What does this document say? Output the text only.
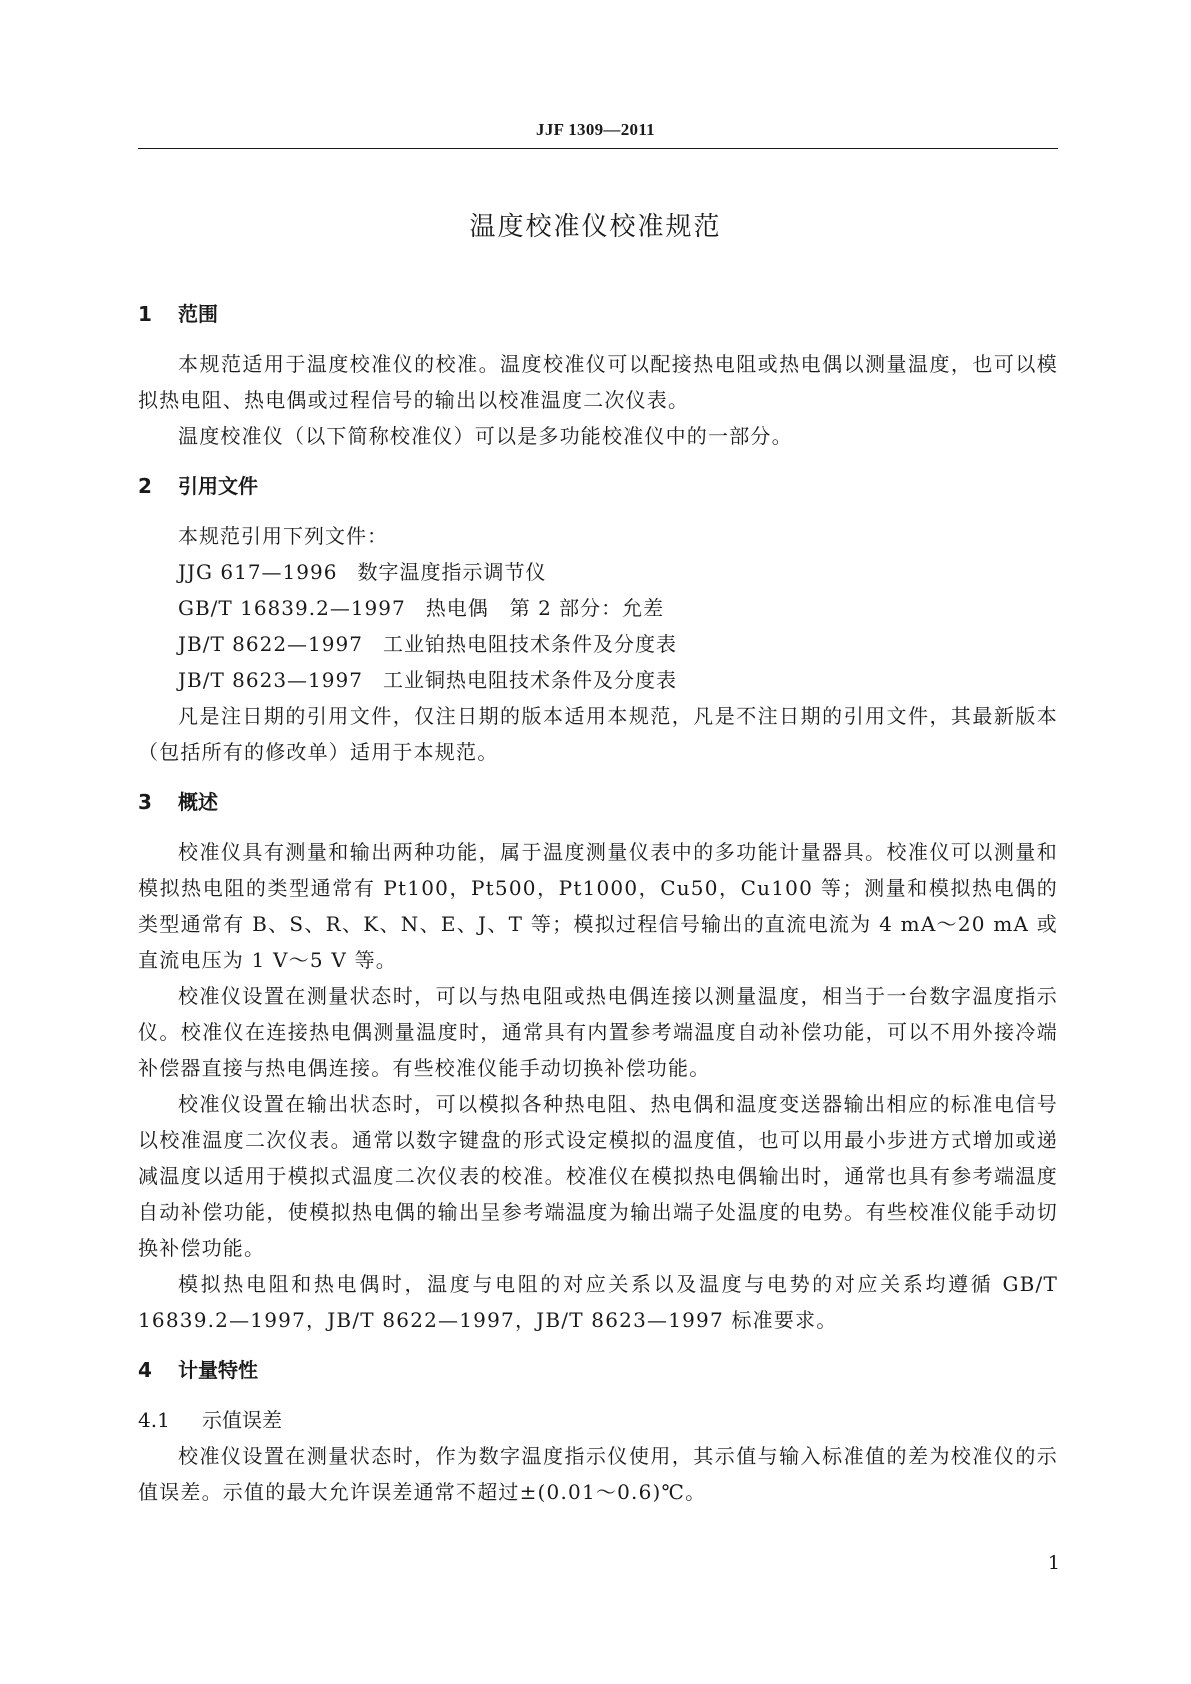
JJF 1309—2011
温度校准仪校准规范
1 范围

本规范适用于温度校准仪的校准。温度校准仪可以配接热电阻或热电偶以测量温度，也可以模拟热电阻、热电偶或过程信号的输出以校准温度二次仪表。

温度校准仪（以下简称校准仪）可以是多功能校准仪中的一部分。

2 引用文件

本规范引用下列文件：

JJG 617—1996 数字温度指示调节仪

GB/T 16839.2—1997 热电偶　第 2 部分：允差

JB/T 8622—1997 工业铂热电阻技术条件及分度表

JB/T 8623—1997 工业铜热电阻技术条件及分度表

凡是注日期的引用文件，仅注日期的版本适用本规范，凡是不注日期的引用文件，其最新版本（包括所有的修改单）适用于本规范。

3 概述

校准仪具有测量和输出两种功能，属于温度测量仪表中的多功能计量器具。校准仪可以测量和模拟热电阻的类型通常有 Pt100，Pt500，Pt1000，Cu50，Cu100 等；测量和模拟热电偶的类型通常有 B、S、R、K、N、E、J、T 等；模拟过程信号输出的直流电流为 4 mA～20 mA 或直流电压为 1 V～5 V 等。

校准仪设置在测量状态时，可以与热电阻或热电偶连接以测量温度，相当于一台数字温度指示仪。校准仪在连接热电偶测量温度时，通常具有内置参考端温度自动补偿功能，可以不用外接冷端补偿器直接与热电偶连接。有些校准仪能手动切换补偿功能。

校准仪设置在输出状态时，可以模拟各种热电阻、热电偶和温度变送器输出相应的标准电信号以校准温度二次仪表。通常以数字键盘的形式设定模拟的温度值，也可以用最小步进方式增加或递减温度以适用于模拟式温度二次仪表的校准。校准仪在模拟热电偶输出时，通常也具有参考端温度自动补偿功能，使模拟热电偶的输出呈参考端温度为输出端子处温度的电势。有些校准仪能手动切换补偿功能。

模拟热电阻和热电偶时，温度与电阻的对应关系以及温度与电势的对应关系均遵循 GB/T 16839.2—1997，JB/T 8622—1997，JB/T 8623—1997 标准要求。

4 计量特性
4.1 示值误差

校准仪设置在测量状态时，作为数字温度指示仪使用，其示值与输入标准值的差为校准仪的示值误差。示值的最大允许误差通常不超过±(0.01～0.6)℃。

1
